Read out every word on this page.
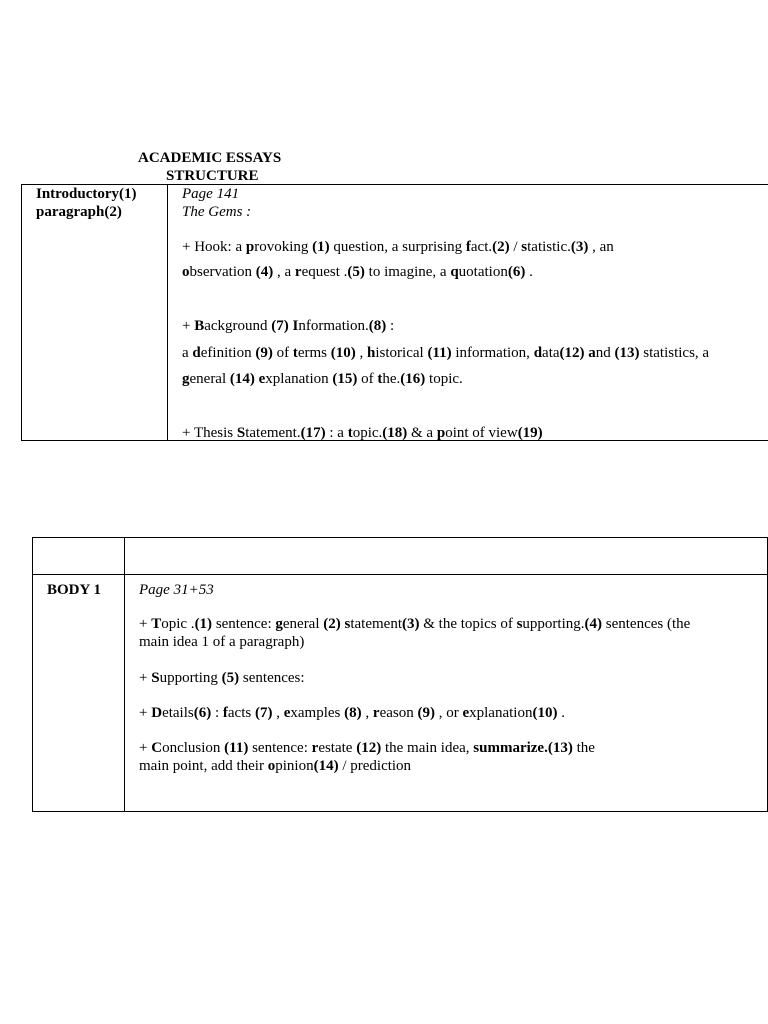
ACADEMIC ESSAYS
STRUCTURE
Introductory(1)
paragraph(2)
Page 141
The Gems :
+ Hook: a provoking (1) question, a surprising fact.(2) / statistic.(3) , an
observation (4) , a request .(5) to imagine, a quotation(6) .
+ Background (7) Information.(8) :
a definition (9) of terms (10) , historical (11) information, data(12) and (13) statistics, a
general (14) explanation (15) of the.(16) topic.
+ Thesis Statement.(17) : a topic.(18) & a point of view(19)
BODY 1	Page 31+53
+ Topic .(1) sentence: general (2) statement(3) & the topics of supporting.(4) sentences (the
main idea 1 of a paragraph)
+ Supporting (5) sentences:
+ Details(6) : facts (7) , examples (8) , reason (9) , or explanation(10) .
+ Conclusion (11) sentence: restate (12) the main idea, summarize.(13) the
main point, add their opinion(14) / prediction
